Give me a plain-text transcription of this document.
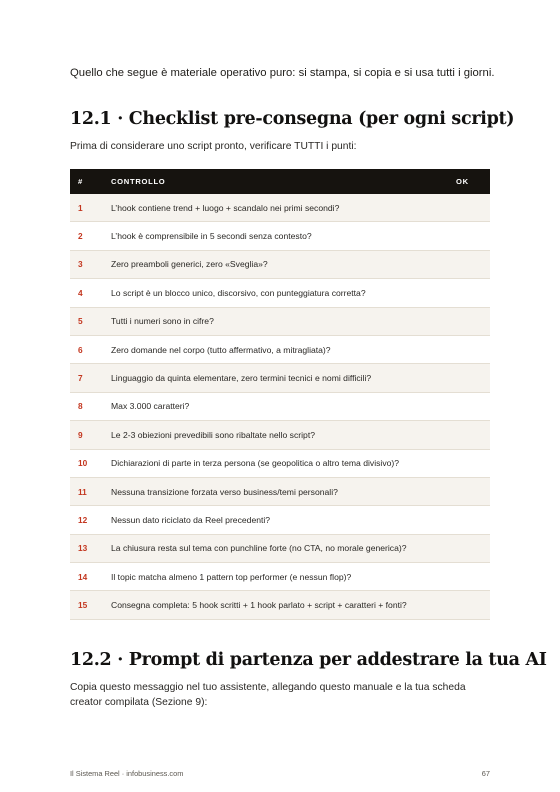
Quello che segue è materiale operativo puro: si stampa, si copia e si usa tutti i giorni.

12.1 · Checklist pre-consegna (per ogni script)

Prima di considerare uno script pronto, verificare TUTTI i punti:

#	CONTROLLO	OK
1	L’hook contiene trend + luogo + scandalo nei primi secondi?
2	L’hook è comprensibile in 5 secondi senza contesto?
3	Zero preamboli generici, zero «Sveglia»?
4	Lo script è un blocco unico, discorsivo, con punteggiatura corretta?
5	Tutti i numeri sono in cifre?
6	Zero domande nel corpo (tutto affermativo, a mitragliata)?
7	Linguaggio da quinta elementare, zero termini tecnici e nomi difficili?
8	Max 3.000 caratteri?
9	Le 2-3 obiezioni prevedibili sono ribaltate nello script?
10	Dichiarazioni di parte in terza persona (se geopolitica o altro tema divisivo)?
11	Nessuna transizione forzata verso business/temi personali?
12	Nessun dato riciclato da Reel precedenti?
13	La chiusura resta sul tema con punchline forte (no CTA, no morale generica)?
14	Il topic matcha almeno 1 pattern top performer (e nessun flop)?
15	Consegna completa: 5 hook scritti + 1 hook parlato + script + caratteri + fonti?
12.2 · Prompt di partenza per addestrare la tua AI

Copia questo messaggio nel tuo assistente, allegando questo manuale e la tua scheda creator compilata (Sezione 9):

Il Sistema Reel · infobusiness.com	67
